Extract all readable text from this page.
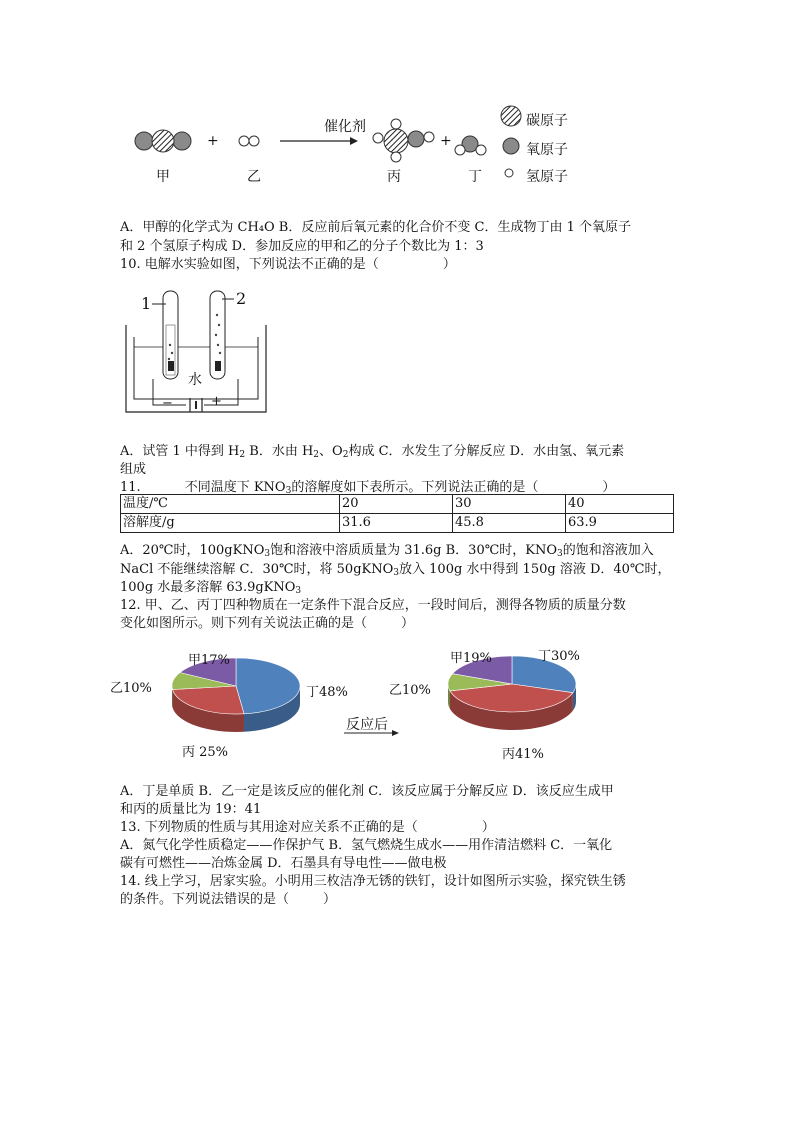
催化剂
+	+
碳原子
氧原子
氢原子
甲	乙	丙	丁
A．甲醇的化学式为 CH₄O B．反应前后氧元素的化合价不变 C．生成物丁由 1 个氧原子
和 2 个氢原子构成 D．参加反应的甲和乙的分子个数比为 1：3
10. 电解水实验如图，下列说法不正确的是（	）
1	2
水
−	+
A．试管 1 中得到 $H_2$ B．水由 $H_2$、$O_2$构成 C．水发生了分解反应 D．水由氢、氧元素
组成
11.	不同温度下 $KNO_3$的溶解度如下表所示。下列说法正确的是（	）
温度/℃	20	30	40
溶解度/g	31.6	45.8	63.9
A．20℃时，100gKNO$_3$饱和溶液中溶质质量为 31.6g B．30℃时，$KNO_3$的饱和溶液加入
NaCl 不能继续溶解 C．30℃时，将 50gKNO$_3$放入 100g 水中得到 150g 溶液 D．40℃时，
100g 水最多溶解 63.9gKNO$_3$
12. 甲、乙、丙丁四种物质在一定条件下混合反应，一段时间后，测得各物质的质量分数
变化如图所示。则下列有关说法正确的是（	）
甲17%
乙10%
丙 25%
丁48%
甲19%
乙10%
丙41%
丁30%
反应后
A．丁是单质 B．乙一定是该反应的催化剂 C．该反应属于分解反应 D．该反应生成甲
和丙的质量比为 19：41
13. 下列物质的性质与其用途对应关系不正确的是（	）
A．氮气化学性质稳定——作保护气 B．氢气燃烧生成水——用作清洁燃料 C．一氧化
碳有可燃性——冶炼金属 D．石墨具有导电性——做电极
14. 线上学习，居家实验。小明用三枚洁净无锈的铁钉，设计如图所示实验，探究铁生锈
的条件。下列说法错误的是（	）
